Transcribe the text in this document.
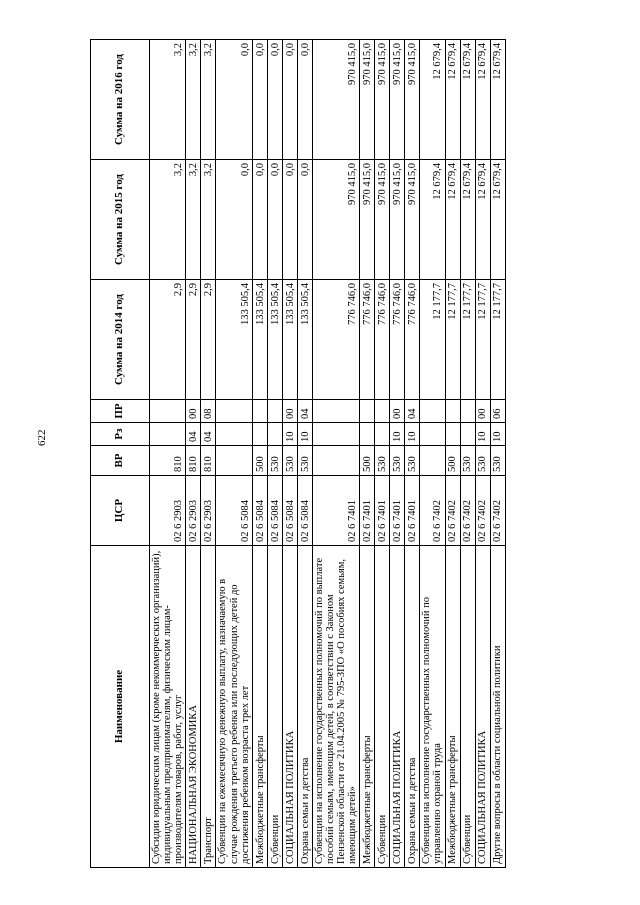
622
Наименование	ЦСР	ВР	Рз	ПР	Сумма на 2014 год	Сумма на 2015 год	Сумма на 2016 год
Субсидии юридическим лицам (кроме некоммерческих организаций), индивидуальным предпринимателям, физическим лицам-производителям товаров, работ, услуг	02 6 2903	810			2,9	3,2	3,2
НАЦИОНАЛЬНАЯ ЭКОНОМИКА	02 6 2903	810	04	00	2,9	3,2	3,2
Транспорт	02 6 2903	810	04	08	2,9	3,2	3,2
Субвенции на ежемесячную денежную выплату, назначаемую в случае рождения третьего ребенка или последующих детей до достижения ребенком возраста трех лет	02 6 5084				133 505,4	0,0	0,0
Межбюджетные трансферты	02 6 5084	500			133 505,4	0,0	0,0
Субвенции	02 6 5084	530			133 505,4	0,0	0,0
СОЦИАЛЬНАЯ ПОЛИТИКА	02 6 5084	530	10	00	133 505,4	0,0	0,0
Охрана семьи и детства	02 6 5084	530	10	04	133 505,4	0,0	0,0
Субвенции на исполнение государственных полномочий по выплате пособий семьям, имеющим детей, в соответствии с Законом Пензенской области от 21.04.2005 № 795-ЗПО «О пособиях семьям, имеющим детей»	02 6 7401				776 746,0	970 415,0	970 415,0
Межбюджетные трансферты	02 6 7401	500			776 746,0	970 415,0	970 415,0
Субвенции	02 6 7401	530			776 746,0	970 415,0	970 415,0
СОЦИАЛЬНАЯ ПОЛИТИКА	02 6 7401	530	10	00	776 746,0	970 415,0	970 415,0
Охрана семьи и детства	02 6 7401	530	10	04	776 746,0	970 415,0	970 415,0
Субвенции на исполнение государственных полномочий по управлению охраной труда	02 6 7402				12 177,7	12 679,4	12 679,4
Межбюджетные трансферты	02 6 7402	500			12 177,7	12 679,4	12 679,4
Субвенции	02 6 7402	530			12 177,7	12 679,4	12 679,4
СОЦИАЛЬНАЯ ПОЛИТИКА	02 6 7402	530	10	00	12 177,7	12 679,4	12 679,4
Другие вопросы в области социальной политики	02 6 7402	530	10	06	12 177,7	12 679,4	12 679,4
